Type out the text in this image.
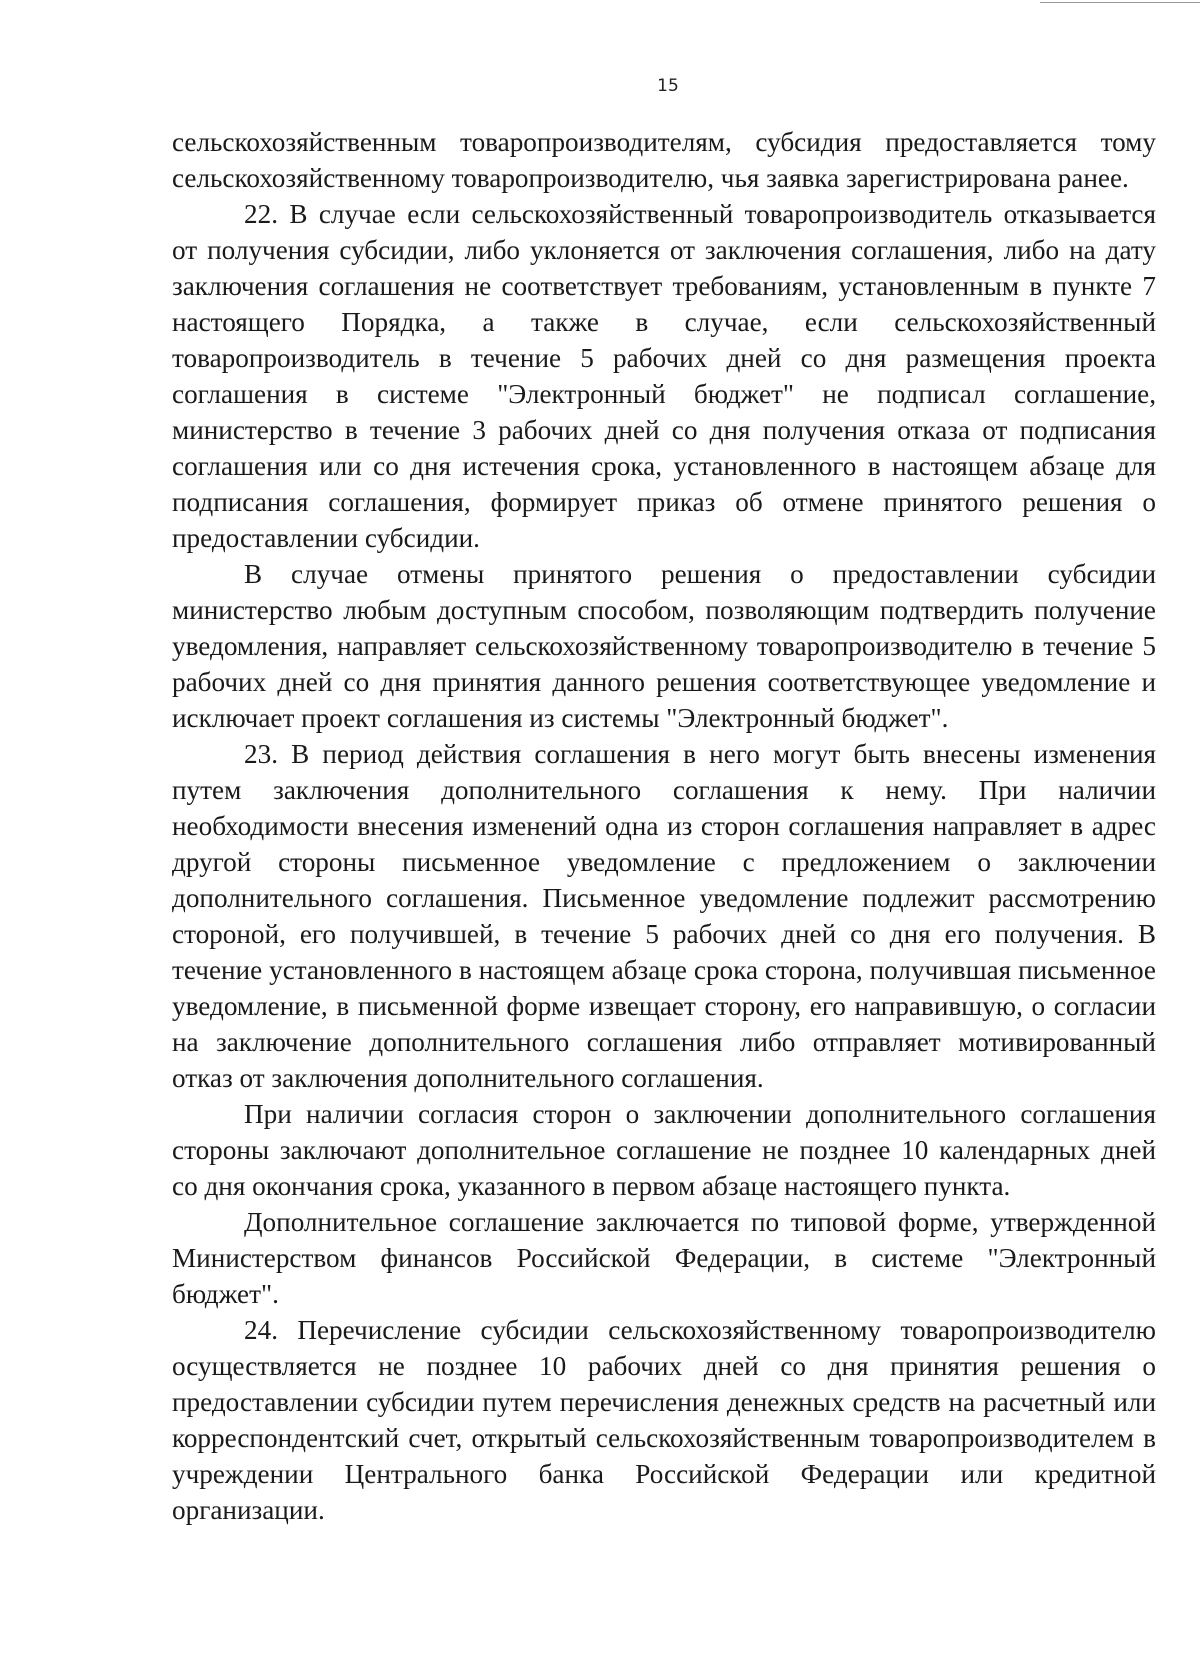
15

сельскохозяйственным товаропроизводителям, субсидия предоставляется тому сельскохозяйственному товаропроизводителю, чья заявка зарегистрирована ранее.

22. В случае если сельскохозяйственный товаропроизводитель отказывается от получения субсидии, либо уклоняется от заключения соглашения, либо на дату заключения соглашения не соответствует требованиям, установленным в пункте 7 настоящего Порядка, а также в случае, если сельскохозяйственный товаропроизводитель в течение 5 рабочих дней со дня размещения проекта соглашения в системе "Электронный бюджет" не подписал соглашение, министерство в течение 3 рабочих дней со дня получения отказа от подписания соглашения или со дня истечения срока, установленного в настоящем абзаце для подписания соглашения, формирует приказ об отмене принятого решения о предоставлении субсидии.

В случае отмены принятого решения о предоставлении субсидии министерство любым доступным способом, позволяющим подтвердить получение уведомления, направляет сельскохозяйственному товаропроизводителю в течение 5 рабочих дней со дня принятия данного решения соответствующее уведомление и исключает проект соглашения из системы "Электронный бюджет".

23. В период действия соглашения в него могут быть внесены изменения путем заключения дополнительного соглашения к нему. При наличии необходимости внесения изменений одна из сторон соглашения направляет в адрес другой стороны письменное уведомление с предложением о заключении дополнительного соглашения. Письменное уведомление подлежит рассмотрению стороной, его получившей, в течение 5 рабочих дней со дня его получения. В течение установленного в настоящем абзаце срока сторона, получившая письменное уведомление, в письменной форме извещает сторону, его направившую, о согласии на заключение дополнительного соглашения либо отправляет мотивированный отказ от заключения дополнительного соглашения.

При наличии согласия сторон о заключении дополнительного соглашения стороны заключают дополнительное соглашение не позднее 10 календарных дней со дня окончания срока, указанного в первом абзаце настоящего пункта.

Дополнительное соглашение заключается по типовой форме, утвержденной Министерством финансов Российской Федерации, в системе "Электронный бюджет".

24. Перечисление субсидии сельскохозяйственному товаропроизводителю осуществляется не позднее 10 рабочих дней со дня принятия решения о предоставлении субсидии путем перечисления денежных средств на расчетный или корреспондентский счет, открытый сельскохозяйственным товаропроизводителем в учреждении Центрального банка Российской Федерации или кредитной организации.
